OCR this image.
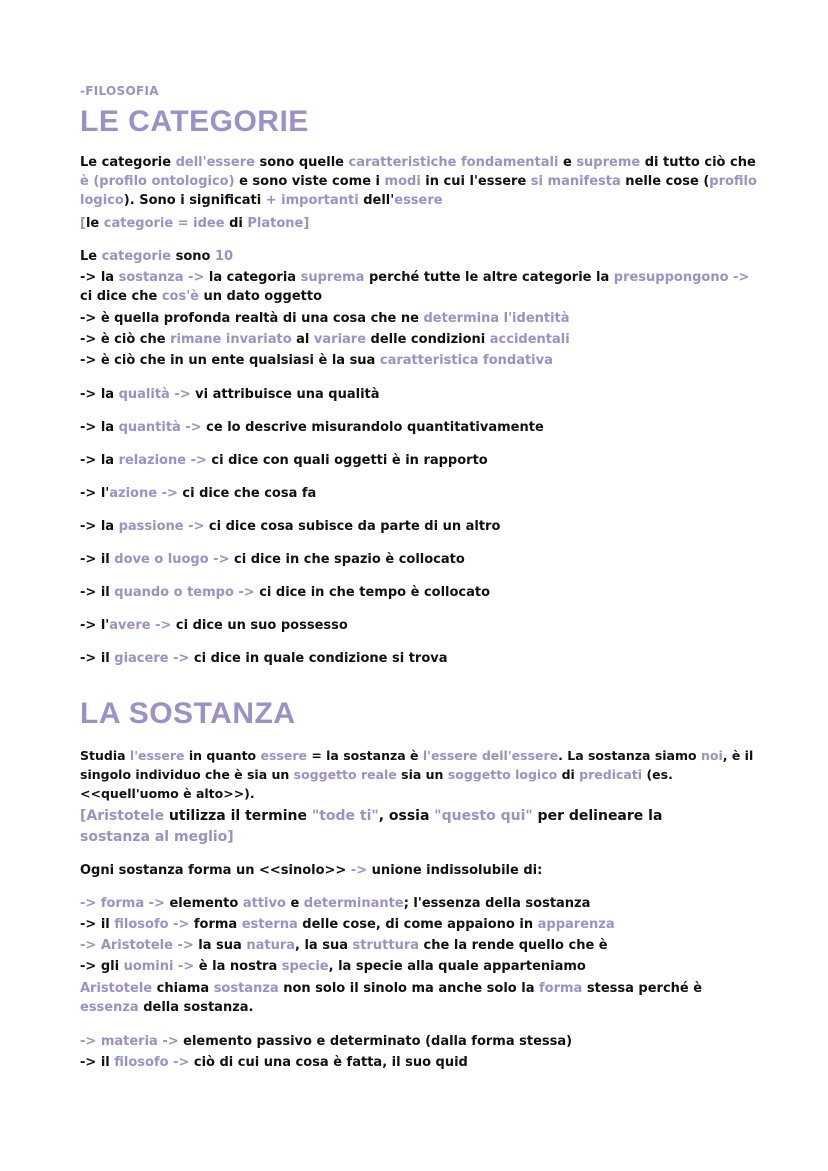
-FILOSOFIA
LE CATEGORIE
Le categorie dell'essere sono quelle caratteristiche fondamentali e supreme di tutto ciò che è (profilo ontologico) e sono viste come i modi in cui l'essere si manifesta nelle cose (profilo logico). Sono i significati + importanti dell'essere
[le categorie = idee di Platone]
Le categorie sono 10
-> la sostanza -> la categoria suprema perché tutte le altre categorie la presuppongono -> ci dice che cos'è un dato oggetto
-> è quella profonda realtà di una cosa che ne determina l'identità
-> è ciò che rimane invariato al variare delle condizioni accidentali
-> è ciò che in un ente qualsiasi è la sua caratteristica fondativa
-> la qualità -> vi attribuisce una qualità
-> la quantità -> ce lo descrive misurandolo quantitativamente
-> la relazione -> ci dice con quali oggetti è in rapporto
-> l'azione -> ci dice che cosa fa
-> la passione -> ci dice cosa subisce da parte di un altro
-> il dove o luogo -> ci dice in che spazio è collocato
-> il quando o tempo -> ci dice in che tempo è collocato
-> l'avere -> ci dice un suo possesso
-> il giacere -> ci dice in quale condizione si trova
LA SOSTANZA
Studia l'essere in quanto essere = la sostanza è l'essere dell'essere. La sostanza siamo noi, è il singolo individuo che è sia un soggetto reale sia un soggetto logico di predicati (es. <<quell'uomo è alto>>).
[Aristotele utilizza il termine "tode ti", ossia "questo qui" per delineare la sostanza al meglio]
Ogni sostanza forma un <<sinolo>> -> unione indissolubile di:
-> forma -> elemento attivo e determinante; l'essenza della sostanza
-> il filosofo -> forma esterna delle cose, di come appaiono in apparenza
-> Aristotele -> la sua natura, la sua struttura che la rende quello che è
-> gli uomini -> è la nostra specie, la specie alla quale apparteniamo
Aristotele chiama sostanza non solo il sinolo ma anche solo la forma stessa perché è essenza della sostanza.
-> materia -> elemento passivo e determinato (dalla forma stessa)
-> il filosofo -> ciò di cui una cosa è fatta, il suo quid
